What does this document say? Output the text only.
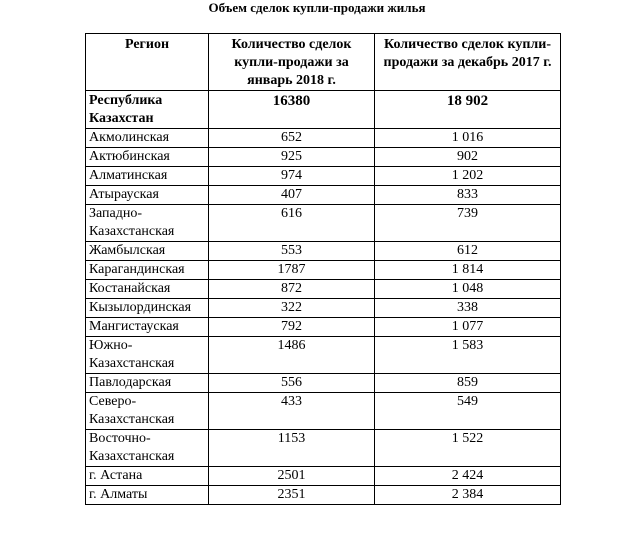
Объем сделок купли-продажи жилья
Регион	Количество сделок купли-продажи за январь 2018 г.	Количество сделок купли-продажи за декабрь 2017 г.
Республика Казахстан	16380	18 902
Акмолинская	652	1 016
Актюбинская	925	902
Алматинская	974	1 202
Атырауская	407	833
Западно-Казахстанская	616	739
Жамбылская	553	612
Карагандинская	1787	1 814
Костанайская	872	1 048
Кызылординская	322	338
Мангистауская	792	1 077
Южно-Казахстанская	1486	1 583
Павлодарская	556	859
Северо-Казахстанская	433	549
Восточно-Казахстанская	1153	1 522
г. Астана	2501	2 424
г. Алматы	2351	2 384
